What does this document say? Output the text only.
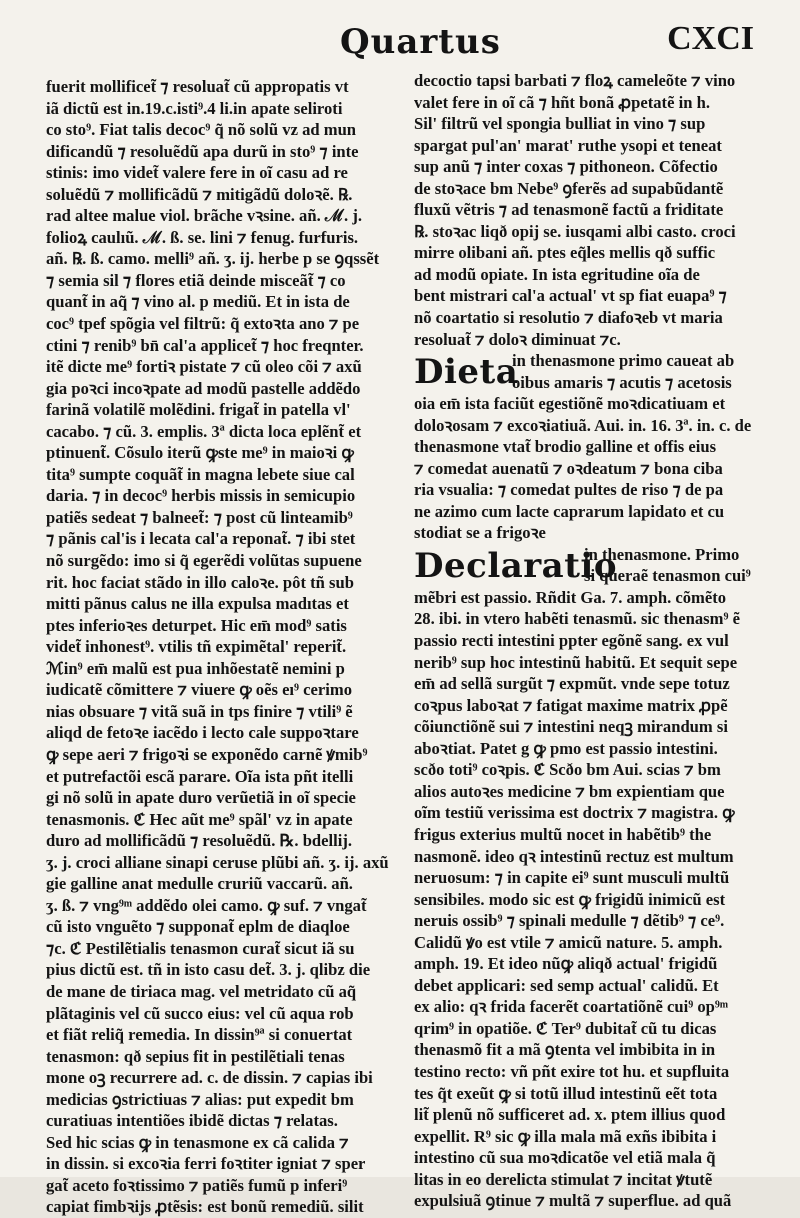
Quartus	CXCI
fuerit mollificet̃ ⁊ resoluat̃ cũ appropatis vt
iã dictũ est in.19.c.isti⁹.4 li.in apate seliroti
co sto⁹. Fiat talis decoc⁹ q̃ nõ solũ vz ad mun
dificandũ ⁊ resoluẽdũ apa durũ in sto⁹ ⁊ inte
stinis: imo videt̃ valere fere in oĩ casu ad re
soluẽdũ ⁊ mollificãdũ ⁊ mitigãdũ doloꝛẽ. ℞.
rad altee malue viol. brãche vꝛsine. añ. ℳ. j.
folioꝝ caulıũ. ℳ. ß. se. lini ⁊ fenug. furfuris.
añ. ℞. ß. camo. melli⁹ añ. ʒ. ij. herbe p se ꝯqssẽt
⁊ semia sil ⁊ flores etiã deinde misceãt̃ ⁊ co
quant̃ in aq̃ ⁊ vino al. p mediũ. Et in ista de
coc⁹ tpef spõgia vel filtrũ: q̃ extoꝛta ano ⁊ pe
ctini ⁊ renib⁹ bn̄ cal'a applicet̃ ⁊ hoc freqnter.
itẽ dicte me⁹ fortiꝛ pistate ⁊ cũ oleo cõi ⁊ axũ
gia poꝛci incoꝛpate ad modũ pastelle addẽdo
farinã volatilẽ molẽdini. frigat̃ in patella vl'
cacabo. ⁊ cũ. 3. emplis. 3ª dicta loca eplẽnt̃ et
ptinuent̃. Cõsulo iterũ ꝙste me⁹ in maioꝛi ꝙ
tita⁹ sumpte coquãt̃ in magna lebete siue cal
daria. ⁊ in decoc⁹ herbis missis in semicupio
patiẽs sedeat ⁊ balneet̃: ⁊ post cũ linteamib⁹
⁊ pãnis cal'is i lecata cal'a reponat̃. ⁊ ibi stet
nõ surgẽdo: imo si q̃ egerẽdi volũtas supuene
rit. hoc faciat stãdo in illo caloꝛe. pôt tñ sub
mitti pãnus calus ne illa expulsa madıtas et
ptes inferioꝛes deturpet. Hic em̄ mod⁹ satis
videt̃ inhonest⁹. vtilis tñ expimẽtal' reperit̃.
ℳin⁹ em̄ malũ est pua inhõestatẽ nemini p
iudicatẽ cõmittere ⁊ viuere ꝙ oẽs eı⁹ cerimo
nias obsuare ⁊ vitã suã in tps finire ⁊ vtili⁹ ẽ
aliqd de fetoꝛe iacẽdo i lecto cale suppoꝛtare
ꝙ sepe aeri ⁊ frigoꝛi se exponẽdo carnẽ ꝟmib⁹
et putrefactõi escã parare. Oĩa ista pñt itelli
gi nõ solũ in apate duro verũetiã in oĩ specie
tenasmonis. ℭ Hec aũt me⁹ spãl' vz in apate
duro ad mollificãdũ ⁊ resoluẽdũ. ℞. bdellij.
ʒ. j. croci alliane sinapi ceruse plũbi añ. ʒ. ij. axũ
gie galline anat medulle cruriũ vaccarũ. añ.
ʒ. ß. ⁊ vng⁹ᵐ addẽdo olei camo. ꝙ suf. ⁊ vngat̃
cũ isto vnguẽto ⁊ supponat̃ eplm de diaqloe
⁊c. ℭ Pestilẽtialis tenasmon curat̃ sicut iã su
pius dictũ est. tñ in isto casu det̃. 3. j. qlibz die
de mane de tiriaca mag. vel metridato cũ aq̃
plãtaginis vel cũ succo eius: vel cũ aqua rob
et fiãt reliq̃ remedia. In dissin⁹ª si conuertat
tenasmon: qð sepius fit in pestilẽtiali tenas
mone oꝫ recurrere ad. c. de dissin. ⁊ capias ibi
medicias ꝯstrictiuas ⁊ alias: put expedit bm
curatiuas intentiões ibidẽ dictas ⁊ relatas.
Sed hic scias ꝙ in tenasmone ex cã calida ⁊
in dissin. si excoꝛia ferri foꝛtiter igniat ⁊ sper
gat̃ aceto foꝛtissimo ⁊ patiẽs fumũ p inferi⁹
capiat fimbꝛijs ꝓtẽsis: est bonũ remediũ. silit
decoctio tapsi barbati ⁊ floꝝ cameleõte ⁊ vino
valet fere in oĩ cã ⁊ hñt bonã ꝓpetatẽ in h.
Sil' filtrũ vel spongia bulliat in vino ⁊ sup
spargat pul'an' marat' ruthe ysopi et teneat
sup anũ ⁊ inter coxas ⁊ pithoneon. Cõfectio
de stoꝛace bm Nebe⁹ ꝯferẽs ad supabũdantẽ
fluxũ vẽtris ⁊ ad tenasmonẽ factũ a friditate
℞. stoꝛac liqð opij se. iusqami albi casto. croci
mirre olibani añ. ptes eq̃les mellis qð suffic
ad modũ opiate. In ista egritudine oĩa de
bent mistrari cal'a actual' vt sp fiat euapa⁹ ⁊
nõ coartatio si resolutio ⁊ diafoꝛeb vt maria
resoluat̃ ⁊ doloꝛ diminuat ⁊c.
Dieta
in thenasmone primo caueat ab
oibus amaris ⁊ acutis ⁊ acetosis
oia em̄ ista faciũt egestiõnẽ moꝛdicatiuam et
doloꝛosam ⁊ excoꝛiatiuã. Aui. in. 16. 3ª. in. c. de
thenasmone vtat̃ brodio galline et offis eius
⁊ comedat auenatũ ⁊ oꝛdeatum ⁊ bona ciba
ria vsualia: ⁊ comedat pultes de riso ⁊ de pa
ne azimo cum lacte caprarum lapidato et cu
stodiat se a frigoꝛe
Declaratio
in thenasmone. Primo
si queraẽ tenasmon cui⁹
mẽbri est passio. Rñdit Ga. 7. amph. cõmẽto
28. ibi. in vtero habẽti tenasmũ. sic thenasm⁹ ẽ
passio recti intestini ppter egõnẽ sang. ex vul
nerib⁹ sup hoc intestinũ habitũ. Et sequit sepe
em̄ ad sellã surgũt ⁊ expmũt. vnde sepe totuz
coꝛpus laboꝛat ⁊ fatigat maxime matrix ꝓpẽ
cõiunctiõnẽ sui ⁊ intestini neqꝫ mirandum si
aboꝛtiat. Patet g ꝙ pmo est passio intestini.
scðo toti⁹ coꝛpis. ℭ Scðo bm Aui. scias ⁊ bm
alios autoꝛes medicine ⁊ bm expientiam que
oĩm testiũ verissima est doctrix ⁊ magistra. ꝙ
frigus exterius multũ nocet in habẽtib⁹ the
nasmonẽ. ideo qꝛ intestinũ rectuz est multum
neruosum: ⁊ in capite ei⁹ sunt musculi multũ
sensibiles. modo sic est ꝙ frigidũ inimicũ est
neruis ossib⁹ ⁊ spinali medulle ⁊ dẽtib⁹ ⁊ ce⁹.
Calidũ ꝟo est vtile ⁊ amicũ nature. 5. amph.
amph. 19. Et ideo nũꝙ aliqð actual' frigidũ
debet applicari: sed semp actual' calidũ. Et
ex alio: qꝛ frida facerẽt coartatiõnẽ cui⁹ op⁹ᵐ
qrim⁹ in opatiõe. ℭ Ter⁹ dubitat̃ cũ tu dicas
thenasmõ fit a mã ꝯtenta vel imbibita in in
testino recto: vñ pñt exire tot hu. et supfluita
tes q̃t exeũt ꝙ si totũ illud intestinũ eẽt tota
lit̃ plenũ nõ sufficeret ad. x. ptem illius quod
expellit. R⁹ sic ꝙ illa mala mã exñs ibibita i
intestino cũ sua moꝛdicatõe vel etiã mala q̃
litas in eo derelicta stimulat ⁊ incitat ꝟtutẽ
expulsiuã ꝯtinue ⁊ multã ⁊ superflue. ad quã
